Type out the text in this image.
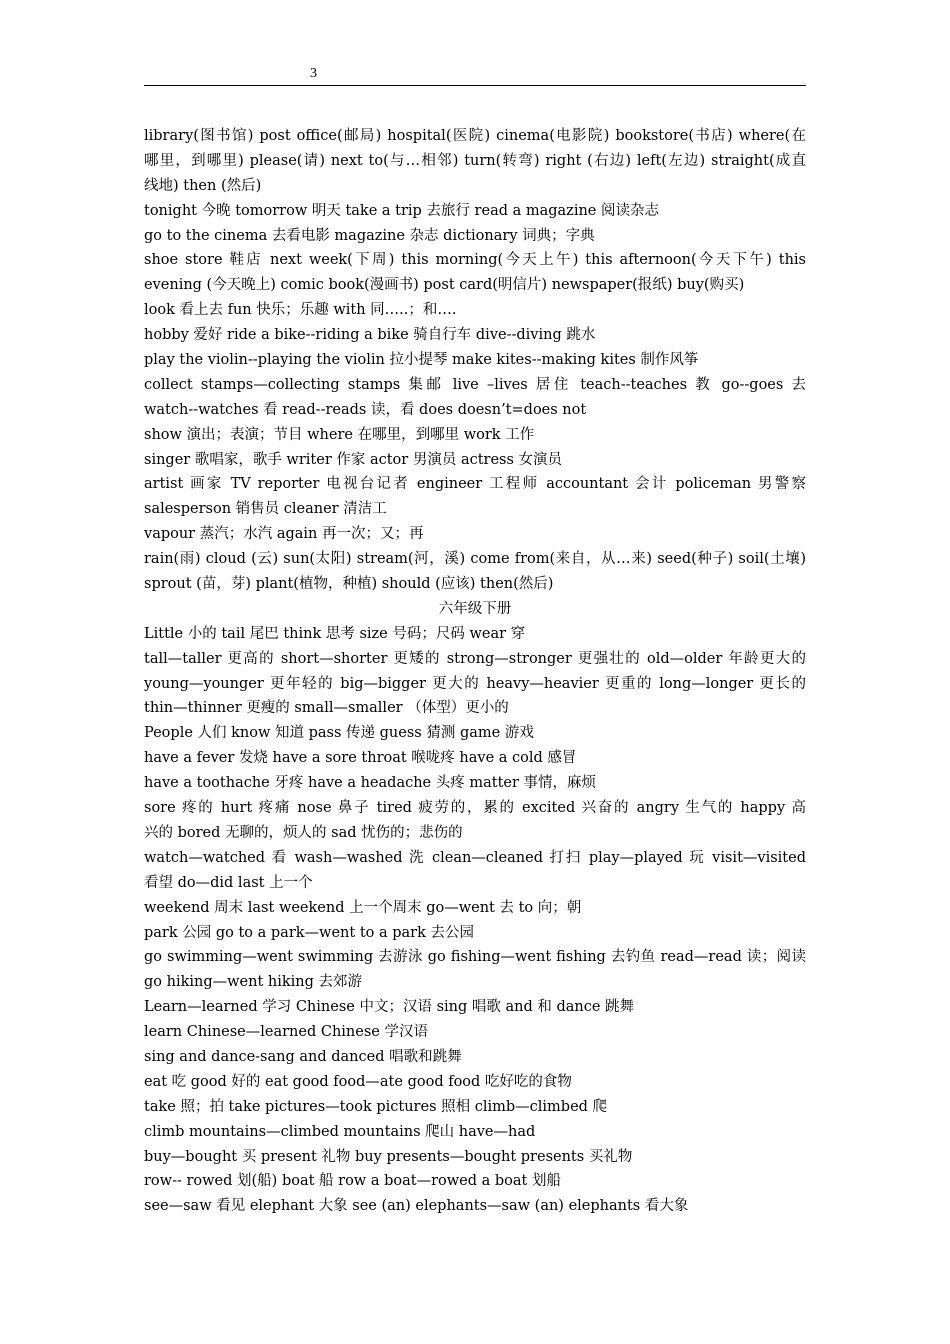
3
library(图书馆) post office(邮局) hospital(医院) cinema(电影院) bookstore(书店) where(在
哪里，到哪里) please(请) next to(与…相邻) turn(转弯) right (右边) left(左边) straight(成直
线地) then (然后)
tonight 今晚 tomorrow 明天 take a trip 去旅行 read a magazine 阅读杂志
go to the cinema 去看电影 magazine 杂志 dictionary 词典；字典
shoe store 鞋店 next week(下周) this morning(今天上午) this afternoon(今天下午) this
evening (今天晚上) comic book(漫画书) post card(明信片) newspaper(报纸) buy(购买)
look 看上去 fun 快乐；乐趣 with 同…..；和….
hobby 爱好 ride a bike--riding a bike 骑自行车 dive--diving 跳水
play the violin--playing the violin 拉小提琴 make kites--making kites 制作风筝
collect stamps—collecting stamps 集邮 live –lives 居住 teach--teaches 教 go--goes 去
watch--watches 看 read--reads 读，看 does doesn’t=does not
show 演出；表演；节目 where 在哪里，到哪里 work 工作
singer 歌唱家，歌手 writer 作家 actor 男演员 actress 女演员
artist 画家 TV reporter 电视台记者 engineer 工程师 accountant 会计 policeman 男警察
salesperson 销售员 cleaner 清洁工
vapour 蒸汽；水汽 again 再一次；又；再
rain(雨) cloud (云) sun(太阳) stream(河，溪) come from(来自，从…来) seed(种子) soil(土壤)
sprout (苗，芽) plant(植物，种植) should (应该) then(然后)
六年级下册
Little 小的 tail 尾巴 think 思考 size 号码；尺码 wear 穿
tall—taller 更高的 short—shorter 更矮的 strong—stronger 更强壮的 old—older 年龄更大的
young—younger 更年轻的 big—bigger 更大的 heavy—heavier 更重的 long—longer 更长的
thin—thinner 更瘦的 small—smaller （体型）更小的
People 人们 know 知道 pass 传递 guess 猜测 game 游戏
have a fever 发烧 have a sore throat 喉咙疼 have a cold 感冒
have a toothache 牙疼 have a headache 头疼 matter 事情，麻烦
sore 疼的 hurt 疼痛 nose 鼻子 tired 疲劳的，累的 excited 兴奋的 angry 生气的 happy 高
兴的 bored 无聊的，烦人的 sad 忧伤的；悲伤的
watch—watched 看 wash—washed 洗 clean—cleaned 打扫 play—played 玩 visit—visited
看望 do—did last 上一个
weekend 周末 last weekend 上一个周末 go—went 去 to 向；朝
park 公园 go to a park—went to a park 去公园
go swimming—went swimming 去游泳 go fishing—went fishing 去钓鱼 read—read 读；阅读
go hiking—went hiking 去郊游
Learn—learned 学习 Chinese 中文；汉语 sing 唱歌 and 和 dance 跳舞
learn Chinese—learned Chinese 学汉语
sing and dance-sang and danced 唱歌和跳舞
eat 吃 good 好的 eat good food—ate good food 吃好吃的食物
take 照；拍 take pictures—took pictures 照相 climb—climbed 爬
climb mountains—climbed mountains 爬山 have—had
buy—bought 买 present 礼物 buy presents—bought presents 买礼物
row-- rowed 划(船) boat 船 row a boat—rowed a boat 划船
see—saw 看见 elephant 大象 see (an) elephants—saw (an) elephants 看大象
